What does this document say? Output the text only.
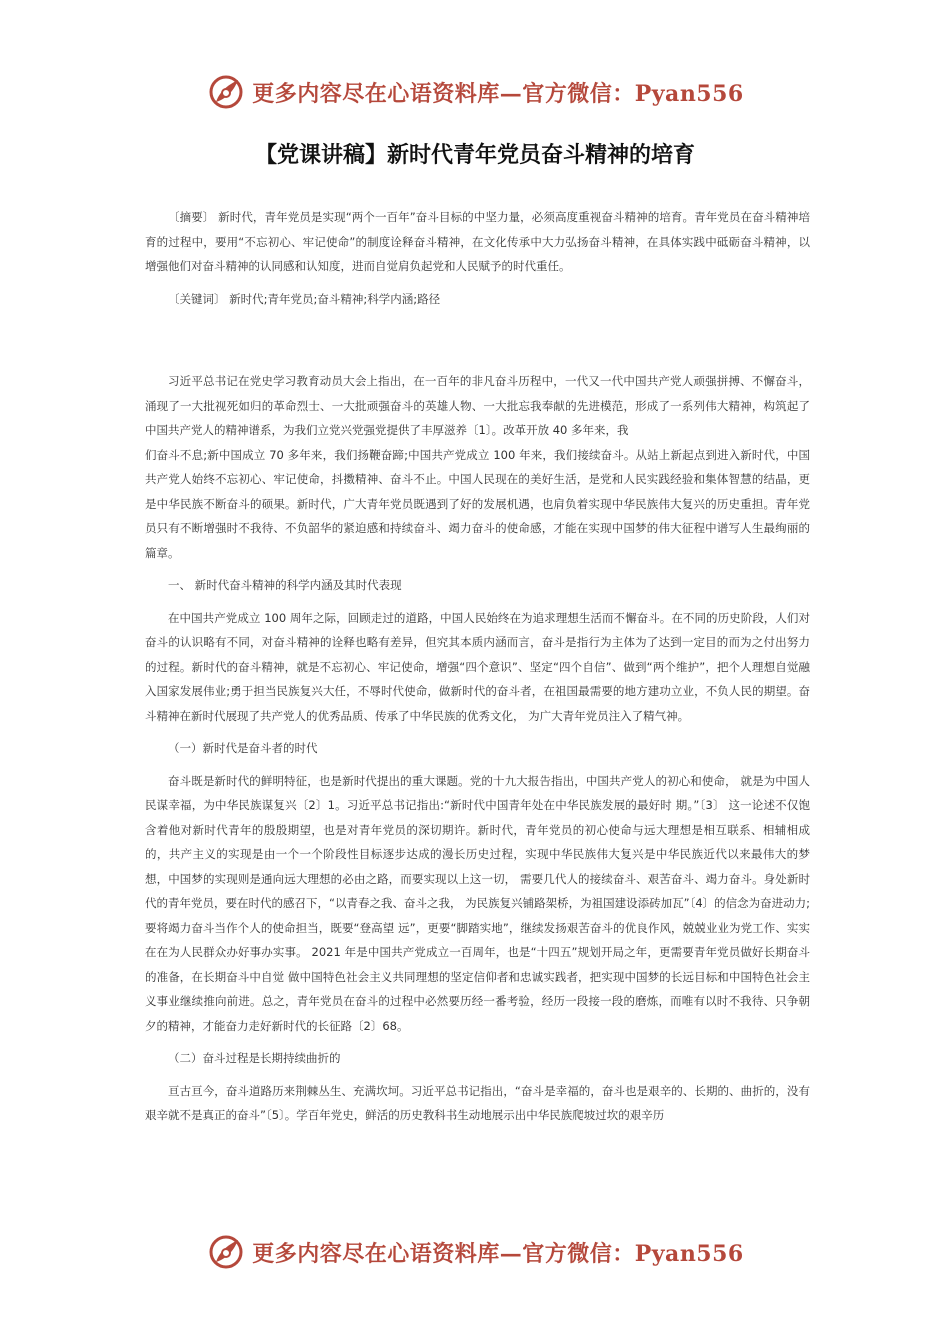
更多内容尽在心语资料库—官方微信：Pyan556
【党课讲稿】新时代青年党员奋斗精神的培育

〔摘要〕 新时代，青年党员是实现“两个一百年”奋斗目标的中坚力量，必须高度重视奋斗精神的培育。青年党员在奋斗精神培育的过程中，要用“不忘初心、牢记使命”的制度诠释奋斗精神，在文化传承中大力弘扬奋斗精神，在具体实践中砥砺奋斗精神，以增强他们对奋斗精神的认同感和认知度，进而自觉肩负起党和人民赋予的时代重任。

〔关键词〕 新时代;青年党员;奋斗精神;科学内涵;路径

习近平总书记在党史学习教育动员大会上指出，在一百年的非凡奋斗历程中，一代又一代中国共产党人顽强拼搏、不懈奋斗，涌现了一大批视死如归的革命烈士、一大批顽强奋斗的英雄人物、一大批忘我奉献的先进模范，形成了一系列伟大精神，构筑起了中国共产党人的精神谱系，为我们立党兴党强党提供了丰厚滋养〔1〕。改革开放 40 多年来，我

们奋斗不息;新中国成立 70 多年来，我们扬鞭奋蹄;中国共产党成立 100 年来，我们接续奋斗。从站上新起点到进入新时代，中国共产党人始终不忘初心、牢记使命，抖擞精神、奋斗不止。中国人民现在的美好生活，是党和人民实践经验和集体智慧的结晶，更是中华民族不断奋斗的硕果。新时代，广大青年党员既遇到了好的发展机遇，也肩负着实现中华民族伟大复兴的历史重担。青年党员只有不断增强时不我待、不负韶华的紧迫感和持续奋斗、竭力奋斗的使命感，才能在实现中国梦的伟大征程中谱写人生最绚丽的篇章。

一、 新时代奋斗精神的科学内涵及其时代表现

在中国共产党成立 100 周年之际，回顾走过的道路，中国人民始终在为追求理想生活而不懈奋斗。在不同的历史阶段，人们对奋斗的认识略有不同，对奋斗精神的诠释也略有差异，但究其本质内涵而言，奋斗是指行为主体为了达到一定目的而为之付出努力的过程。新时代的奋斗精神，就是不忘初心、牢记使命，增强“四个意识”、坚定“四个自信”、做到“两个维护”，把个人理想自觉融入国家发展伟业;勇于担当民族复兴大任，不辱时代使命，做新时代的奋斗者，在祖国最需要的地方建功立业，不负人民的期望。奋斗精神在新时代展现了共产党人的优秀品质、传承了中华民族的优秀文化， 为广大青年党员注入了精气神。

（一）新时代是奋斗者的时代

奋斗既是新时代的鲜明特征，也是新时代提出的重大课题。党的十九大报告指出，中国共产党人的初心和使命， 就是为中国人民谋幸福，为中华民族谋复兴〔2〕1。习近平总书记指出:“新时代中国青年处在中华民族发展的最好时 期。”〔3〕 这一论述不仅饱含着他对新时代青年的殷殷期望，也是对青年党员的深切期许。新时代，青年党员的初心使命与远大理想是相互联系、相辅相成的，共产主义的实现是由一个一个阶段性目标逐步达成的漫长历史过程，实现中华民族伟大复兴是中华民族近代以来最伟大的梦想，中国梦的实现则是通向远大理想的必由之路，而要实现以上这一切， 需要几代人的接续奋斗、艰苦奋斗、竭力奋斗。身处新时代的青年党员，要在时代的感召下，“以青春之我、奋斗之我， 为民族复兴铺路架桥，为祖国建设添砖加瓦”〔4〕的信念为奋进动力;要将竭力奋斗当作个人的使命担当，既要“登高望 远”，更要“脚踏实地”，继续发扬艰苦奋斗的优良作风，兢兢业业为党工作、实实在在为人民群众办好事办实事。 2021 年是中国共产党成立一百周年，也是“十四五”规划开局之年，更需要青年党员做好长期奋斗的准备，在长期奋斗中自觉 做中国特色社会主义共同理想的坚定信仰者和忠诚实践者，把实现中国梦的长远目标和中国特色社会主义事业继续推向前进。总之，青年党员在奋斗的过程中必然要历经一番考验，经历一段接一段的磨炼，而唯有以时不我待、只争朝夕的精神，才能奋力走好新时代的长征路〔2〕68。

（二）奋斗过程是长期持续曲折的

亘古亘今，奋斗道路历来荆棘丛生、充满坎坷。习近平总书记指出，“奋斗是幸福的，奋斗也是艰辛的、长期的、曲折的，没有艰辛就不是真正的奋斗”〔5〕。学百年党史，鲜活的历史教科书生动地展示出中华民族爬坡过坎的艰辛历

更多内容尽在心语资料库—官方微信：Pyan556
